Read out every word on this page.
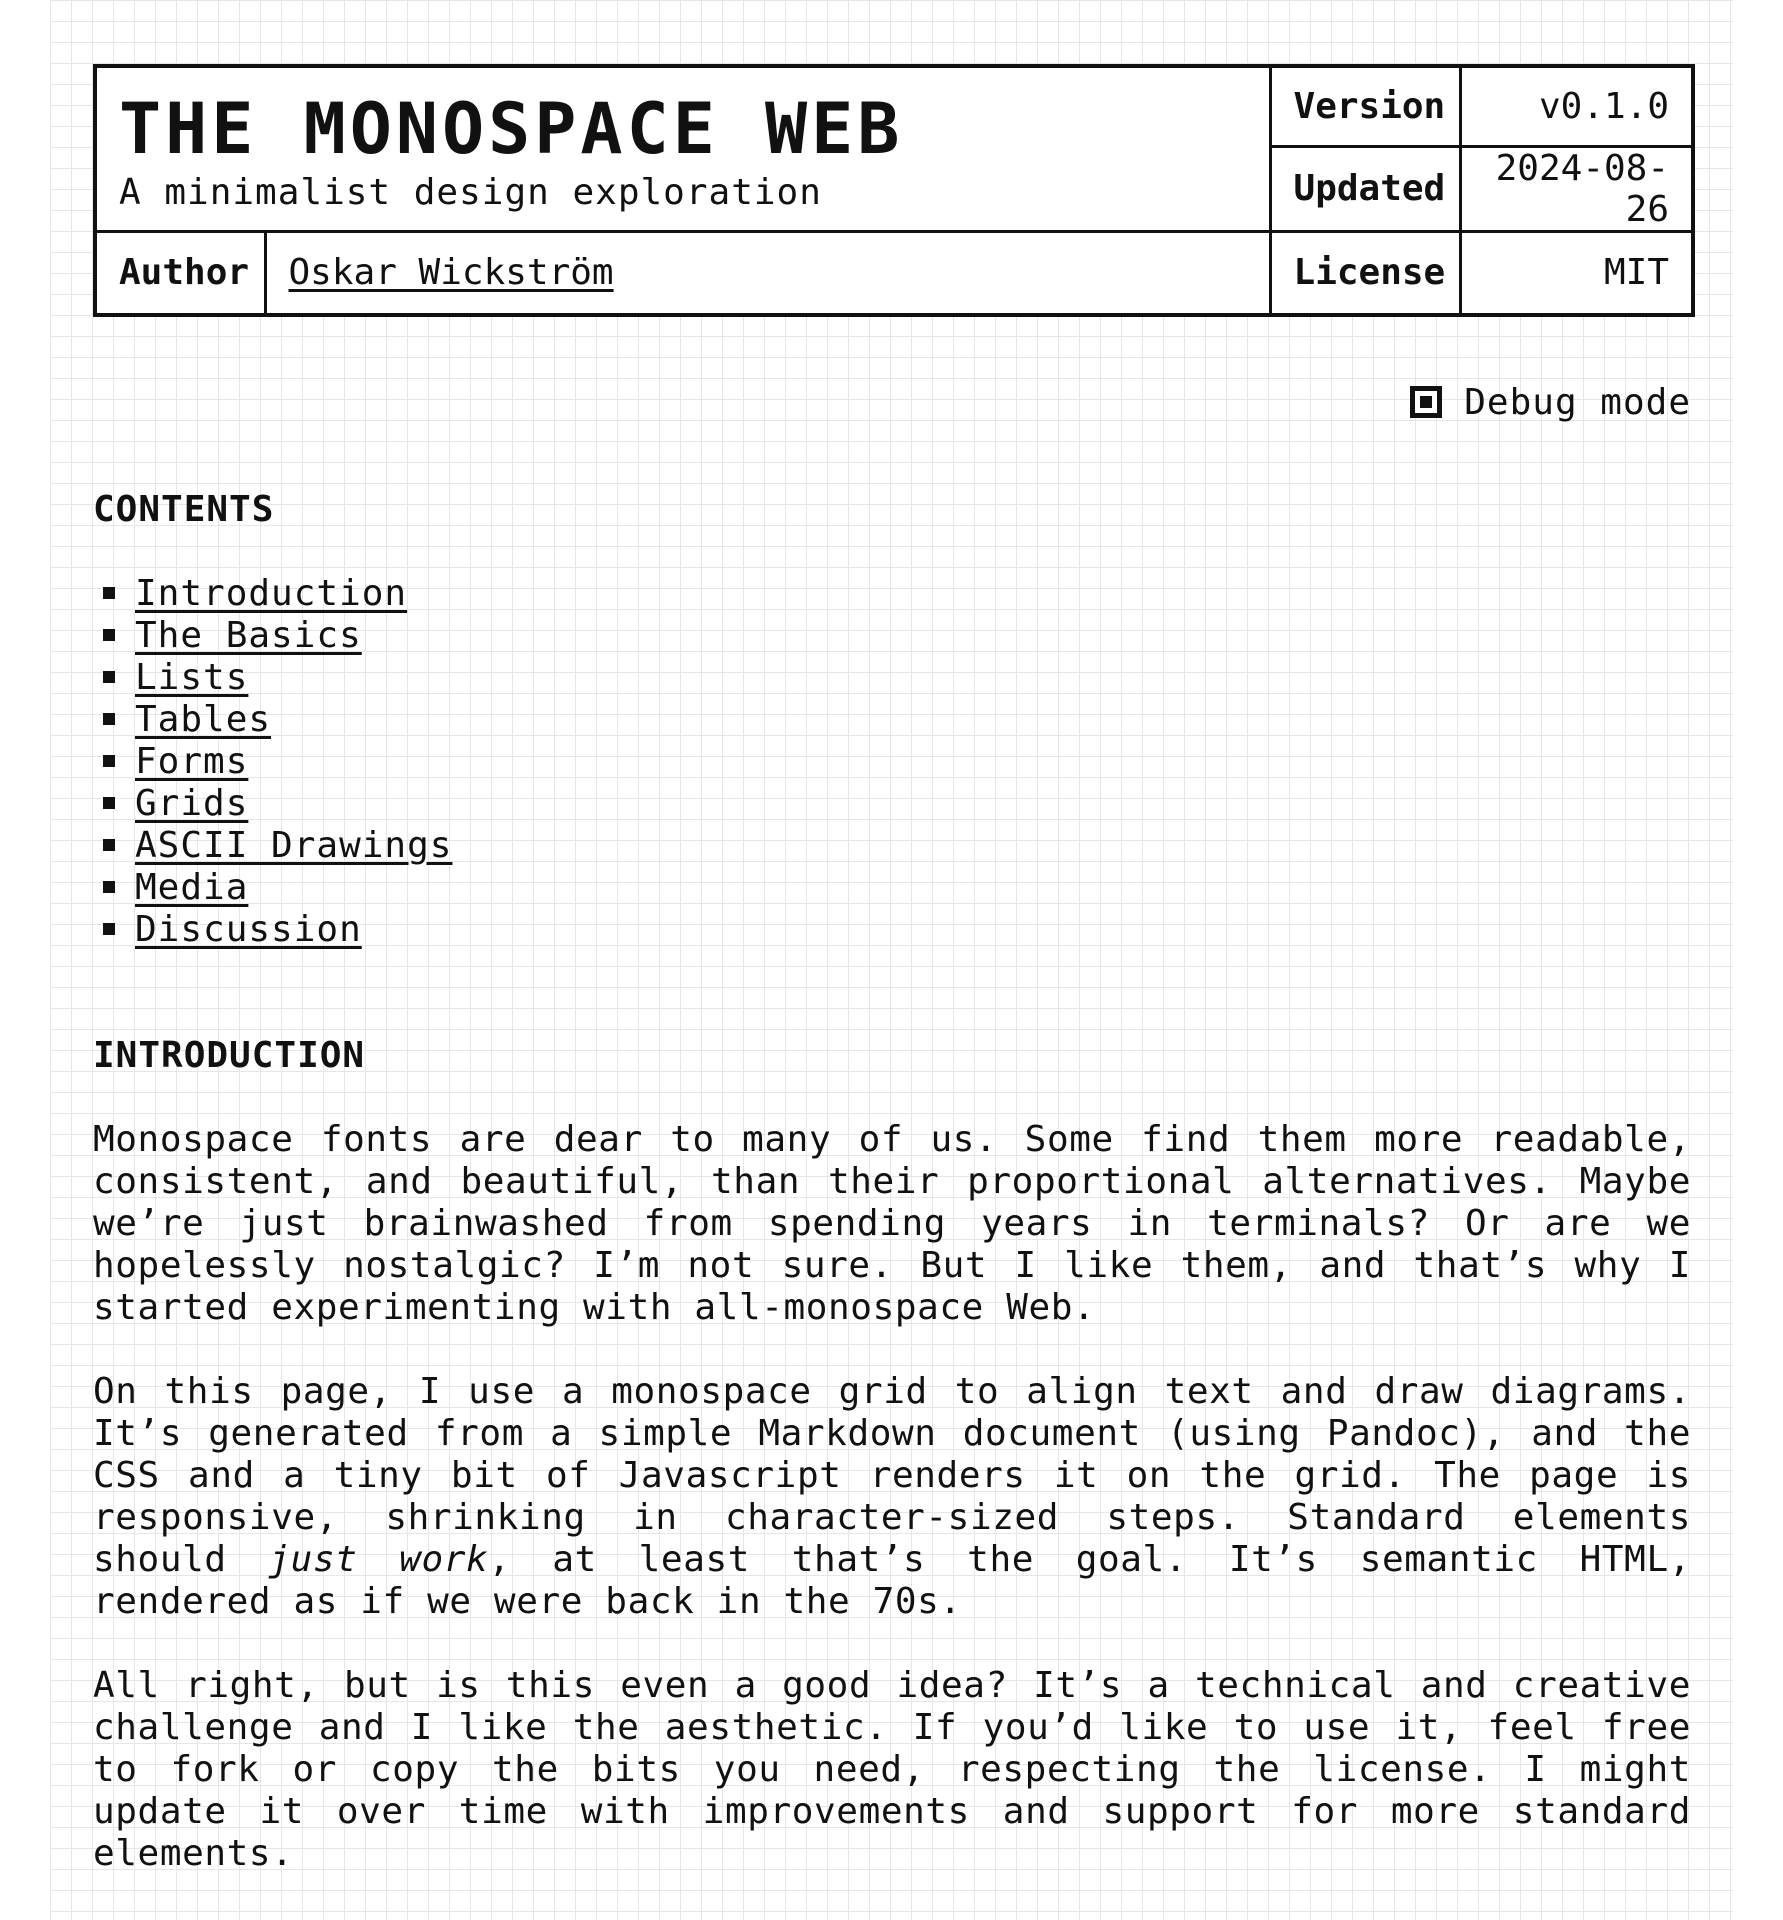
THE MONOSPACE WEB
A minimalist design exploration		Version	v0.1.0
		Updated	2024-08-26
Author	Oskar Wickström	License	MIT
Debug mode
CONTENTS
Introduction
The Basics
Lists
Tables
Forms
Grids
ASCII Drawings
Media
Discussion
INTRODUCTION

Monospace fonts are dear to many of us. Some find them more readable, consistent, and beautiful, than their proportional alternatives. Maybe we’re just brainwashed from spending years in terminals? Or are we hopelessly nostalgic? I’m not sure. But I like them, and that’s why I started experimenting with all-monospace Web.

On this page, I use a monospace grid to align text and draw diagrams. It’s generated from a simple Markdown document (using Pandoc), and the CSS and a tiny bit of Javascript renders it on the grid. The page is responsive, shrinking in character-sized steps. Standard elements should just work, at least that’s the goal. It’s semantic HTML, rendered as if we were back in the 70s.

All right, but is this even a good idea? It’s a technical and creative challenge and I like the aesthetic. If you’d like to use it, feel free to fork or copy the bits you need, respecting the license. I might update it over time with improvements and support for more standard elements.
